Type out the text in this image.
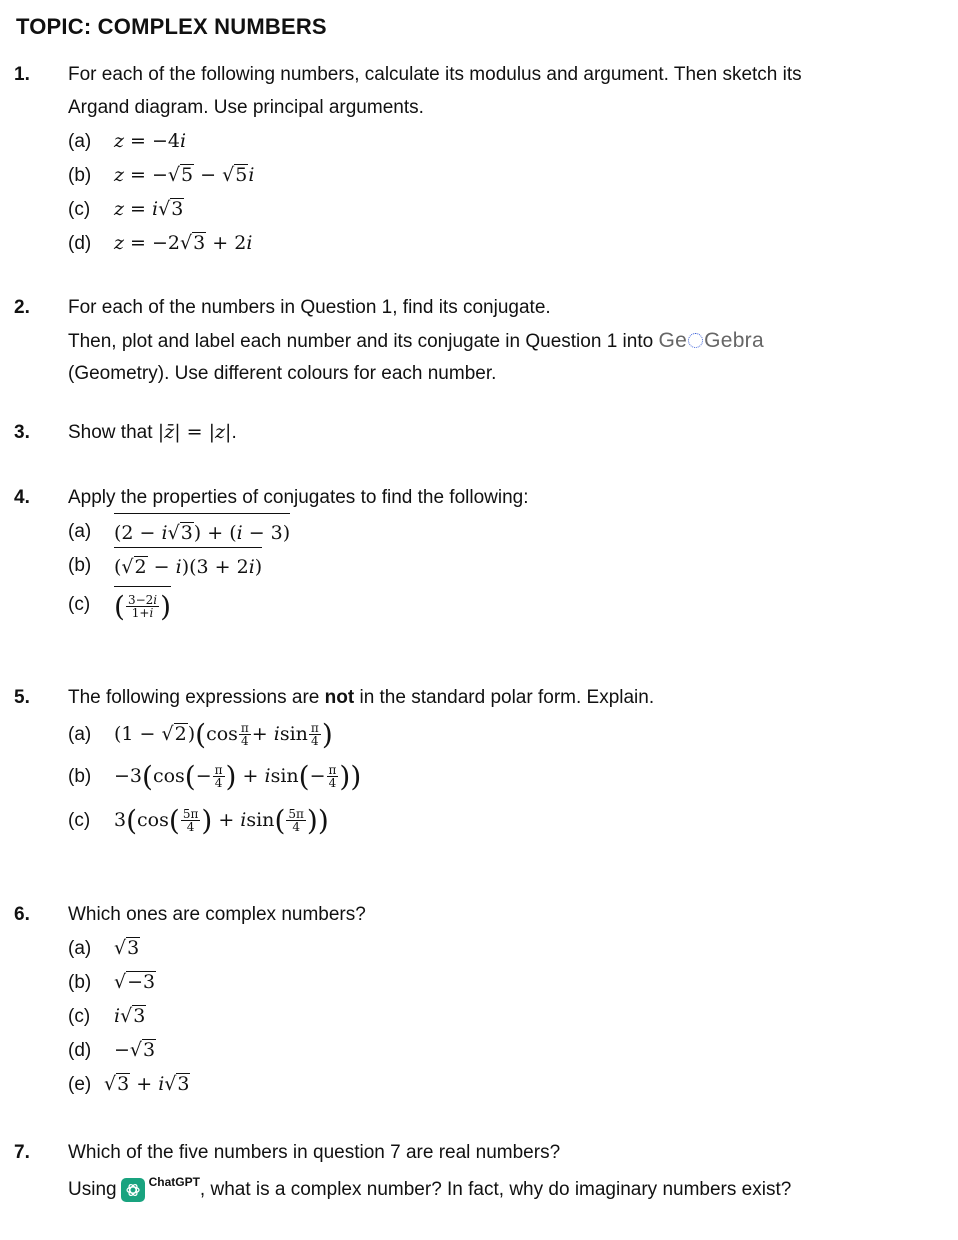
TOPIC: COMPLEX NUMBERS
1. For each of the following numbers, calculate its modulus and argument. Then sketch its
Argand diagram. Use principal arguments.
(a)	z = −4i
(b)	z = −√5 − √5i
(c)	z = i√3
(d)	z = −2√3 + 2i
2. For each of the numbers in Question 1, find its conjugate.
Then, plot and label each number and its conjugate in Question 1 into Ge Gebra
(Geometry). Use different colours for each number.
3. Show that |z̄| = |z|.
4. Apply the properties of conjugates to find the following:
(a)	(2 − i√3) + (i − 3)
(b)	(√2 − i)(3 + 2i)
(c) ( $\frac{3-2i}{1+i}$ )
5. The following expressions are not in the standard polar form. Explain.
(a)	$(1 - √2)(\cos \frac{\pi}{4} + isin \frac{\pi}{4}$ )
(b)	$-3(\cos(- \frac{\pi}{4}$ ) + $isin(- \frac{\pi}{4}$ ))
(c)	$3(\cos( \frac{5\pi}{4}$ ) + $isin( \frac{5\pi}{4}$ ))
6. Which ones are complex numbers?
(a)	√3
(b)	√−3
(c)	i√3
(d)	−√3
(e) √3 + i√3
7. Which of the five numbers in question 7 are real numbers?
Using	ChatGPT , what is a complex number? In fact, why do imaginary numbers exist?
